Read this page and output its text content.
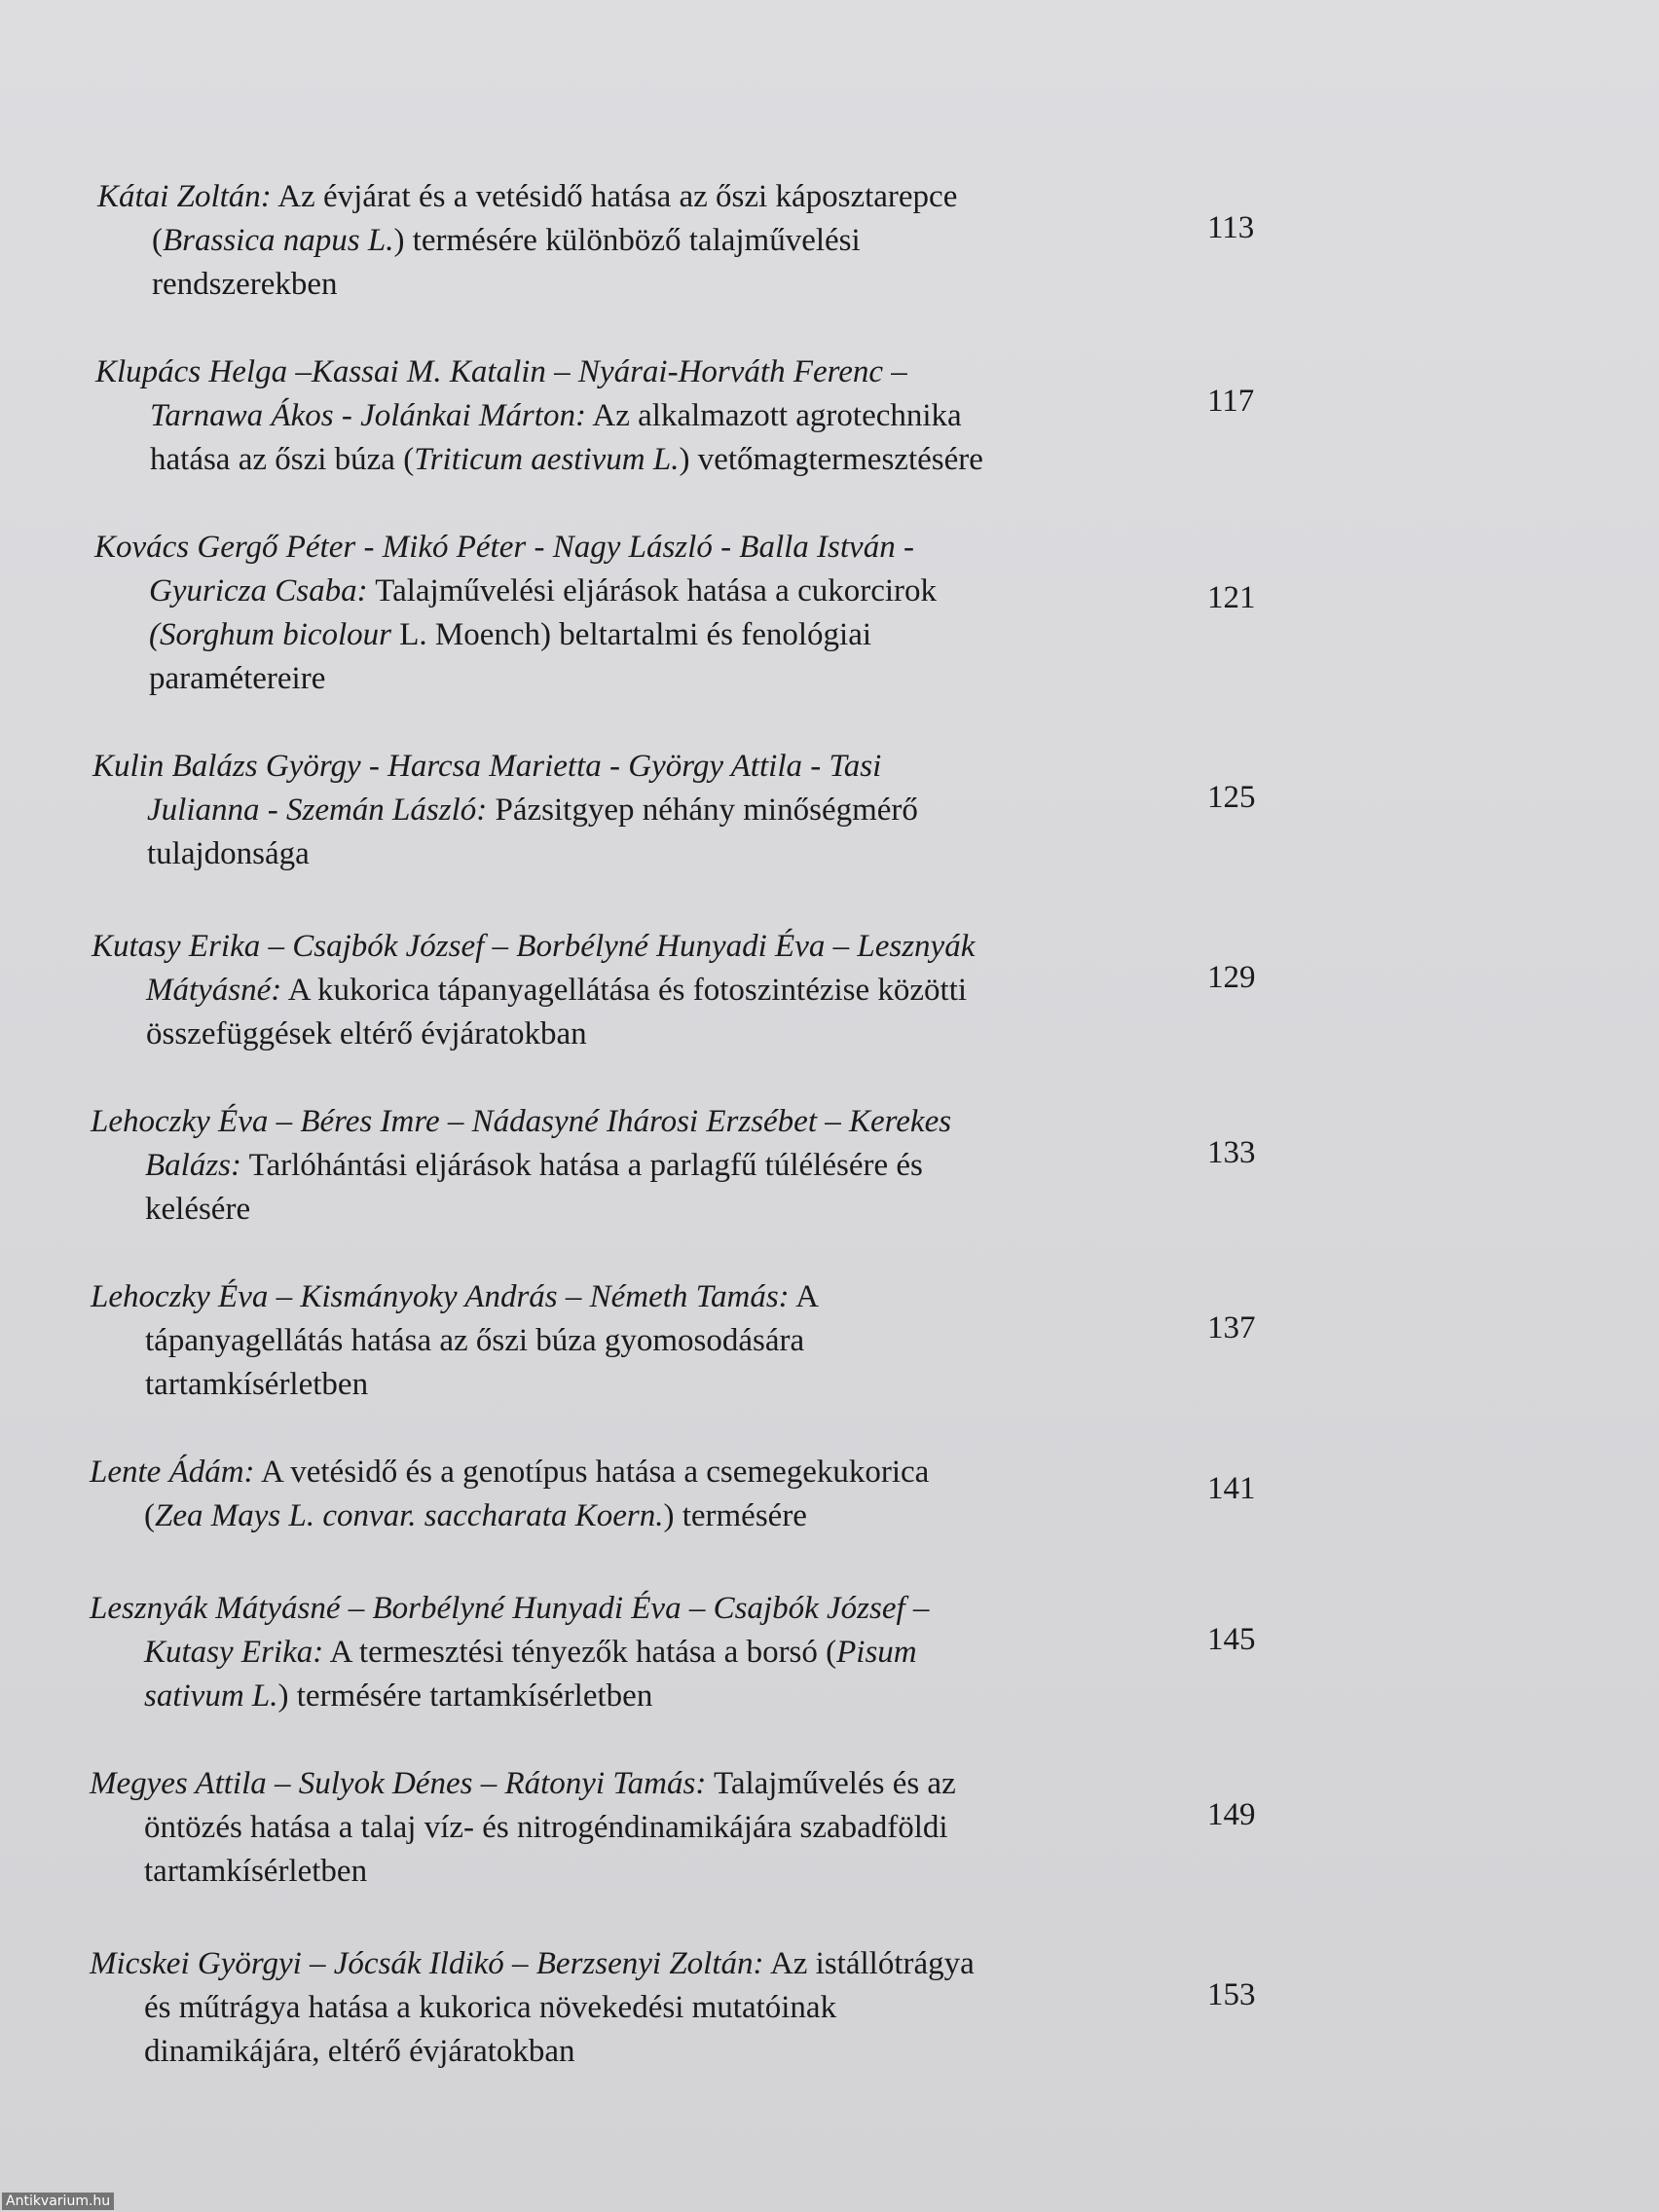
Kátai Zoltán: Az évjárat és a vetésidő hatása az őszi káposztarepce
(Brassica napus L.) termésére különböző talajművelési
rendszerekben
113
Klupács Helga –Kassai M. Katalin – Nyárai-Horváth Ferenc –
Tarnawa Ákos - Jolánkai Márton: Az alkalmazott agrotechnika
hatása az őszi búza (Triticum aestivum L.) vetőmagtermesztésére
117
Kovács Gergő Péter - Mikó Péter - Nagy László - Balla István -
Gyuricza Csaba: Talajművelési eljárások hatása a cukorcirok
(Sorghum bicolour L. Moench) beltartalmi és fenológiai
paramétereire
121
Kulin Balázs György - Harcsa Marietta - György Attila - Tasi
Julianna - Szemán László: Pázsitgyep néhány minőségmérő
tulajdonsága
125
Kutasy Erika – Csajbók József – Borbélyné Hunyadi Éva – Lesznyák
Mátyásné: A kukorica tápanyagellátása és fotoszintézise közötti
összefüggések eltérő évjáratokban
129
Lehoczky Éva – Béres Imre – Nádasyné Ihárosi Erzsébet – Kerekes
Balázs: Tarlóhántási eljárások hatása a parlagfű túlélésére és
kelésére
133
Lehoczky Éva – Kismányoky András – Németh Tamás: A
tápanyagellátás hatása az őszi búza gyomosodására
tartamkísérletben
137
Lente Ádám: A vetésidő és a genotípus hatása a csemegekukorica
(Zea Mays L. convar. saccharata Koern.) termésére
141
Lesznyák Mátyásné – Borbélyné Hunyadi Éva – Csajbók József –
Kutasy Erika: A termesztési tényezők hatása a borsó (Pisum
sativum L.) termésére tartamkísérletben
145
Megyes Attila – Sulyok Dénes – Rátonyi Tamás: Talajművelés és az
öntözés hatása a talaj víz- és nitrogéndinamikájára szabadföldi
tartamkísérletben
149
Micskei Györgyi – Jócsák Ildikó – Berzsenyi Zoltán: Az istállótrágya
és műtrágya hatása a kukorica növekedési mutatóinak
dinamikájára, eltérő évjáratokban
153
Antikvarium.hu
